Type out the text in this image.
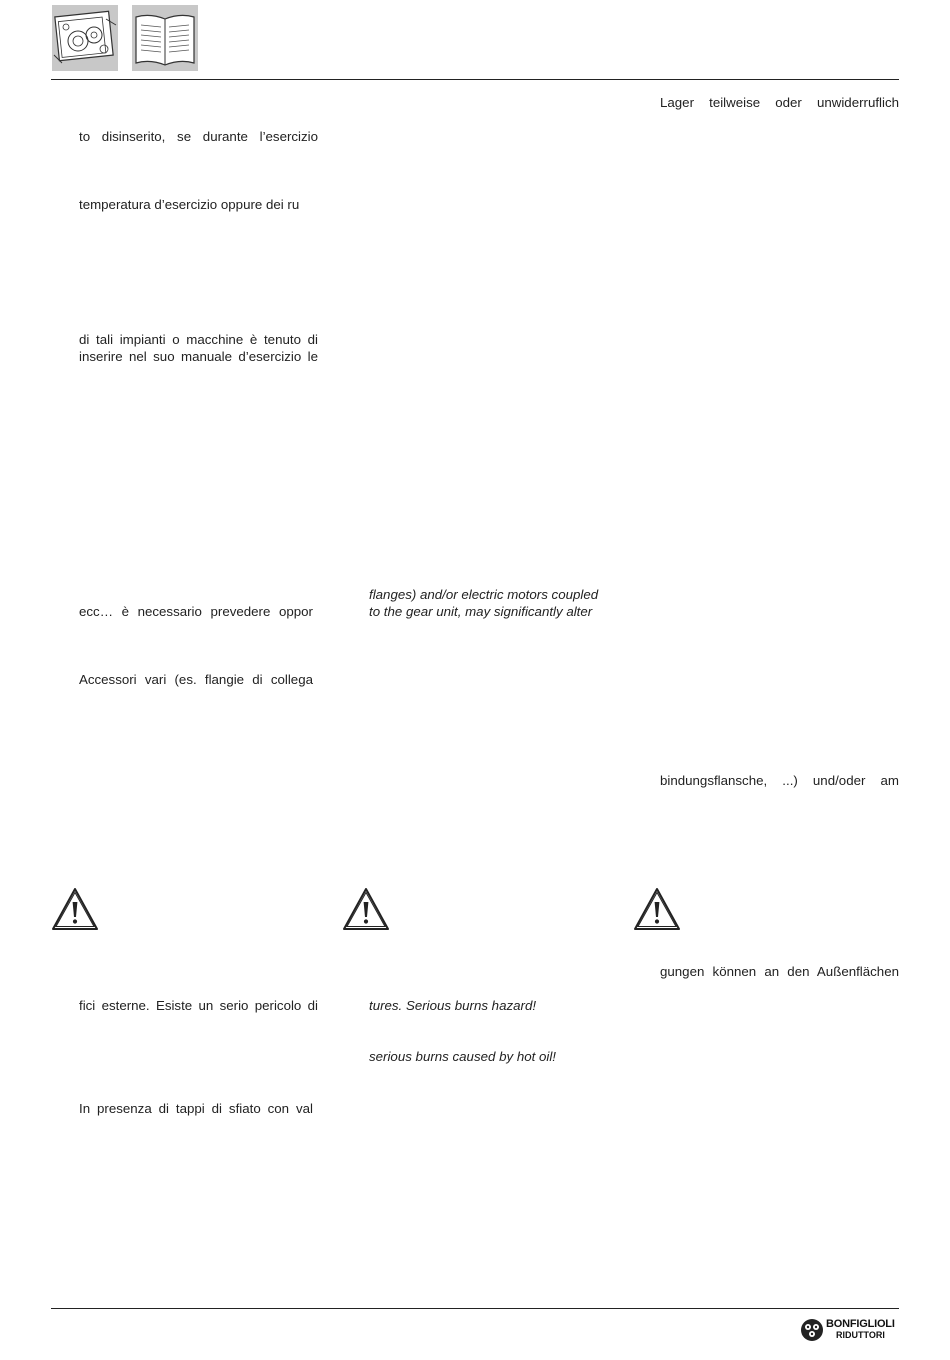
to disinserito, se durante l’esercizio
temperatura d’esercizio oppure dei ru
di tali impianti o macchine è tenuto di
inserire nel suo manuale d’esercizio le
ecc… è necessario prevedere oppor
Accessori vari (es. flangie di collega
fici esterne. Esiste un serio pericolo di
In presenza di tappi di sfiato con val
flanges) and/or electric motors coupled
to the gear unit, may significantly alter
tures. Serious burns hazard!
serious burns caused by hot oil!
Lager teilweise oder unwiderruflich
bindungsflansche, ...) und/oder am
gungen können an den Außenflächen
BONFIGLIOLI
RIDUTTORI
